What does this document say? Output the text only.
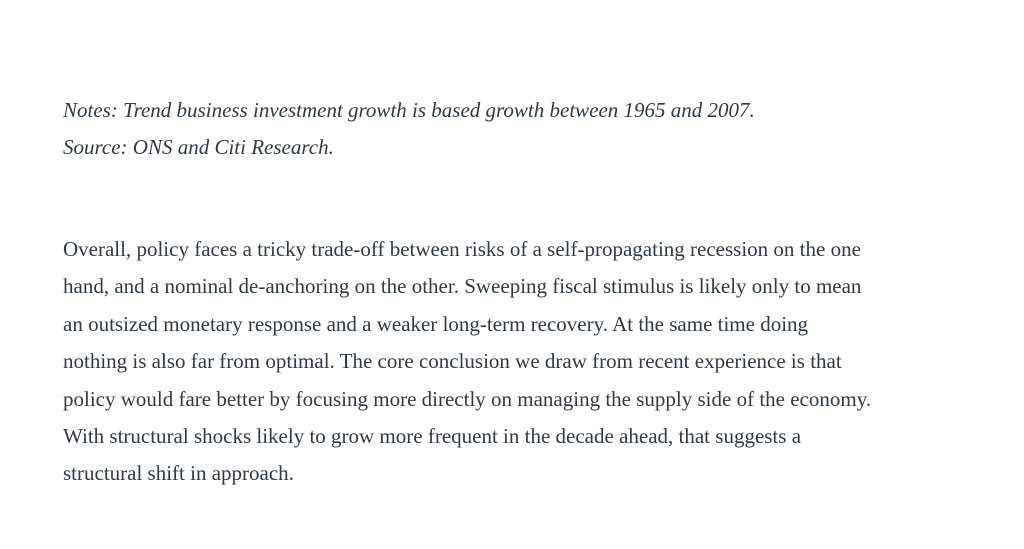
Notes: Trend business investment growth is based growth between 1965 and 2007.

Source: ONS and Citi Research.

Overall, policy faces a tricky trade-off between risks of a self-propagating recession on the one

hand, and a nominal de-anchoring on the other. Sweeping fiscal stimulus is likely only to mean

an outsized monetary response and a weaker long-term recovery. At the same time doing

nothing is also far from optimal. The core conclusion we draw from recent experience is that

policy would fare better by focusing more directly on managing the supply side of the economy.

With structural shocks likely to grow more frequent in the decade ahead, that suggests a

structural shift in approach.
